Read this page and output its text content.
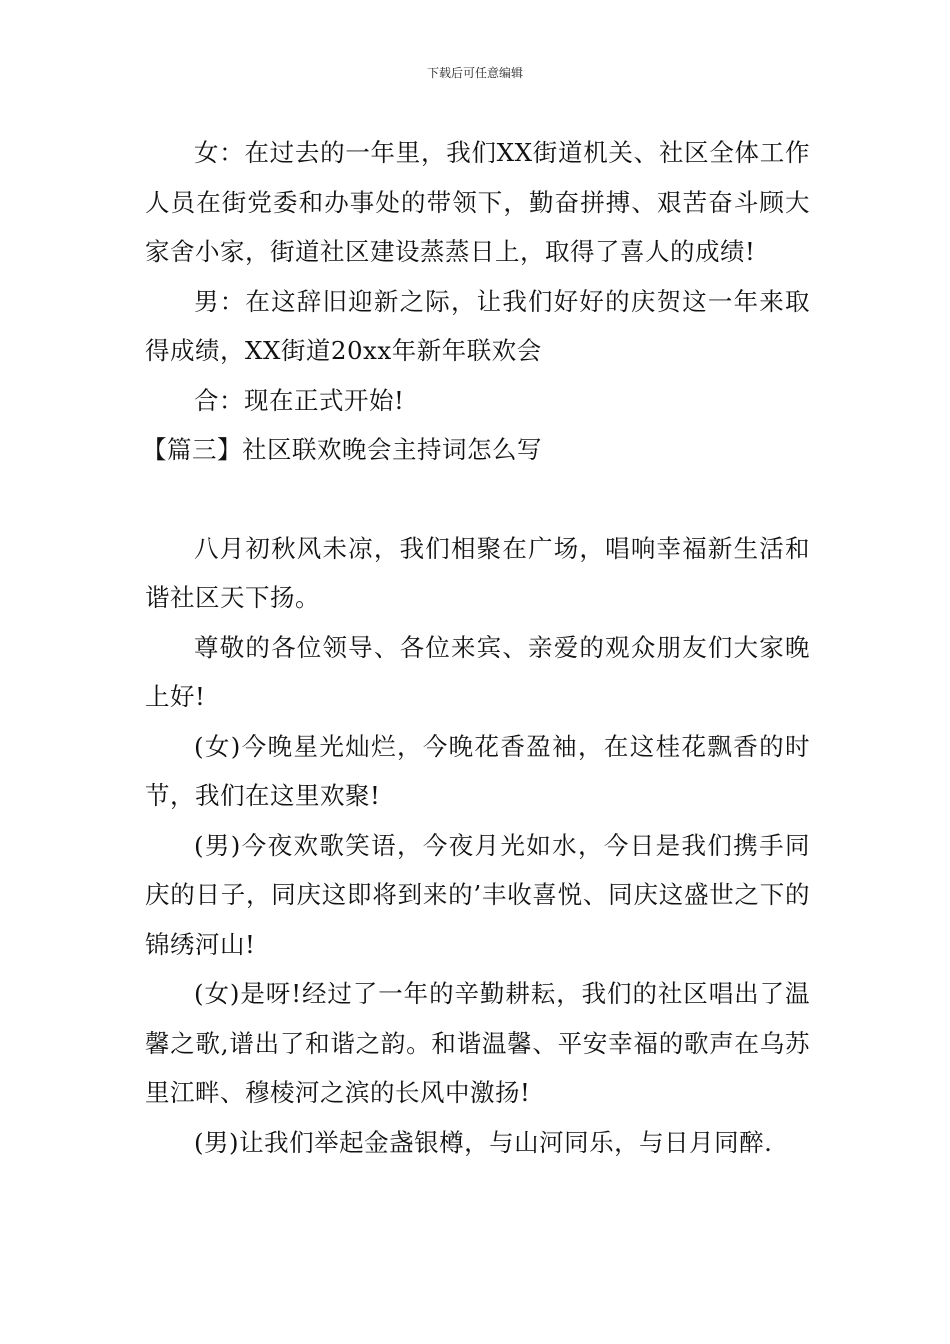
下载后可任意编辑

女：在过去的一年里，我们XX街道机关、社区全体工作人员在街党委和办事处的带领下，勤奋拼搏、艰苦奋斗顾大家舍小家，街道社区建设蒸蒸日上，取得了喜人的成绩!

男：在这辞旧迎新之际，让我们好好的庆贺这一年来取得成绩，XX街道20xx年新年联欢会

合：现在正式开始!

【篇三】社区联欢晚会主持词怎么写

八月初秋风未凉，我们相聚在广场，唱响幸福新生活和谐社区天下扬。

尊敬的各位领导、各位来宾、亲爱的观众朋友们大家晚上好!

(女)今晚星光灿烂，今晚花香盈袖，在这桂花飘香的时节，我们在这里欢聚!

(男)今夜欢歌笑语，今夜月光如水，今日是我们携手同庆的日子，同庆这即将到来的’丰收喜悦、同庆这盛世之下的锦绣河山!

(女)是呀!经过了一年的辛勤耕耘，我们的社区唱出了温馨之歌,谱出了和谐之韵。和谐温馨、平安幸福的歌声在乌苏里江畔、穆棱河之滨的长风中激扬!

(男)让我们举起金盏银樽，与山河同乐，与日月同醉.
